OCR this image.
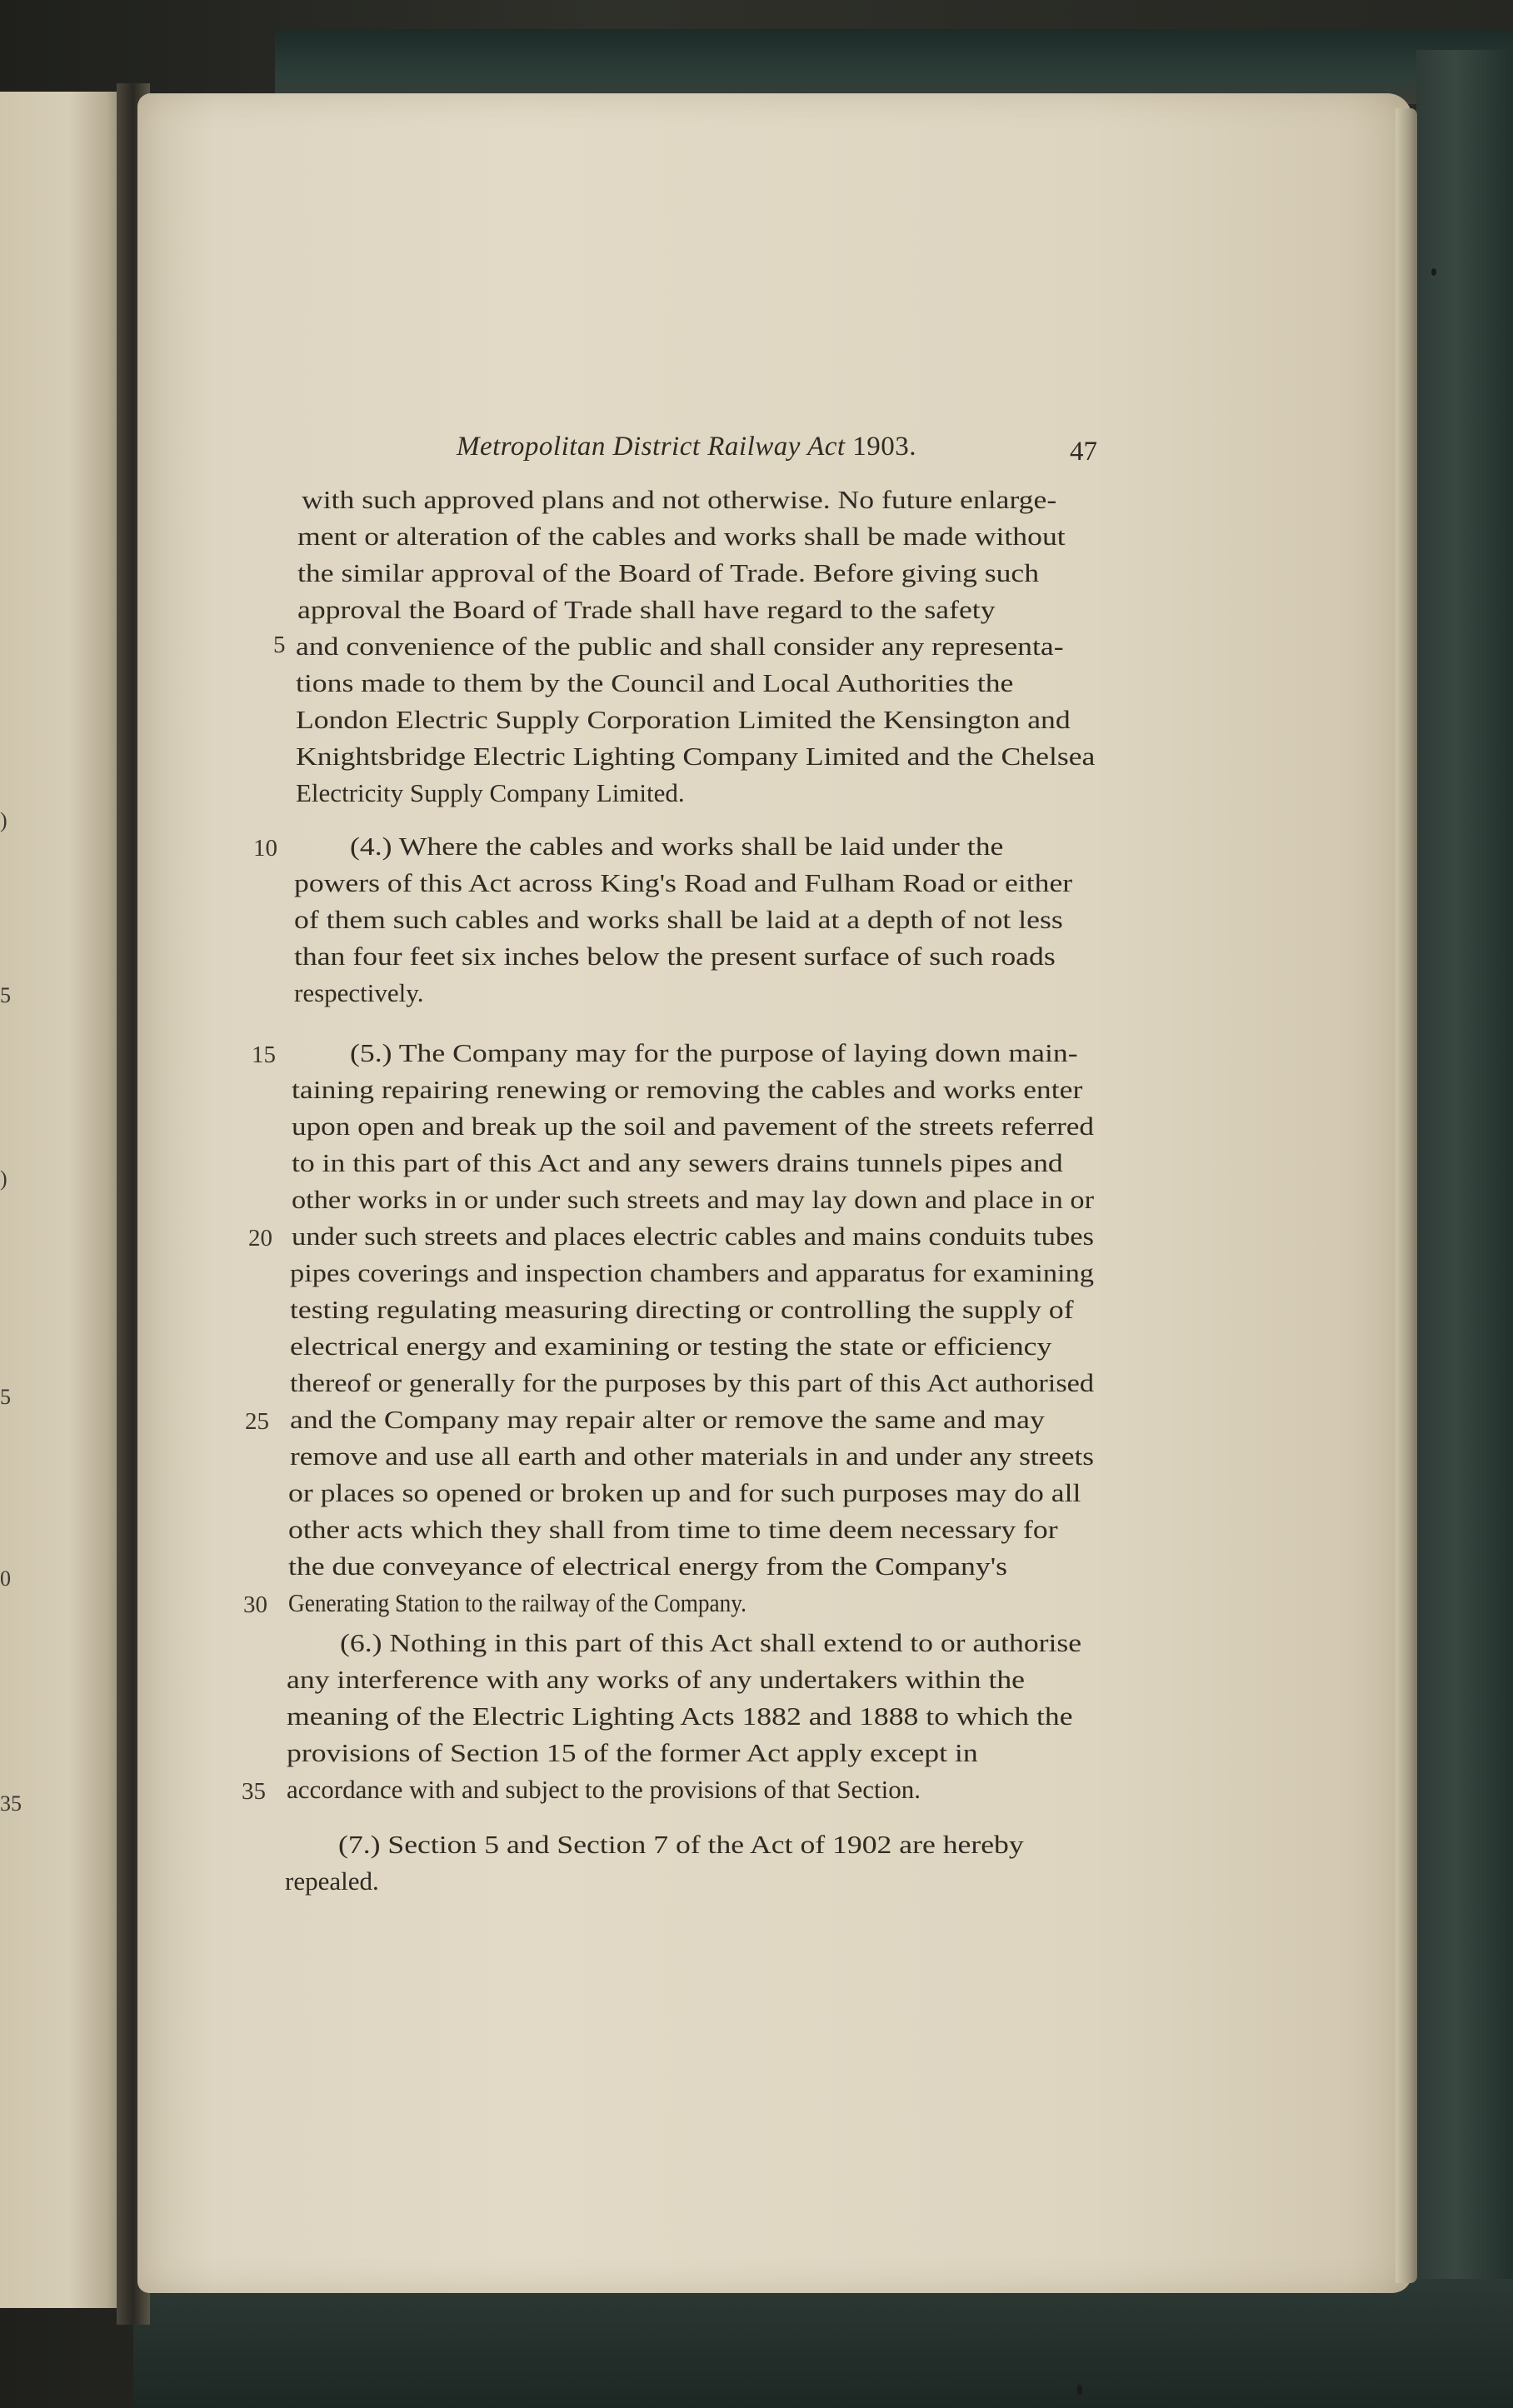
)
5
)
5
0
35
Metropolitan District Railway Act 1903.	47
with such approved plans and not otherwise. No future enlarge-
ment or alteration of the cables and works shall be made without
the similar approval of the Board of Trade. Before giving such
approval the Board of Trade shall have regard to the safety
and convenience of the public and shall consider any representa-
tions made to them by the Council and Local Authorities the
London Electric Supply Corporation Limited the Kensington and
Knightsbridge Electric Lighting Company Limited and the Chelsea
Electricity Supply Company Limited.
(4.) Where the cables and works shall be laid under the
powers of this Act across King's Road and Fulham Road or either
of them such cables and works shall be laid at a depth of not less
than four feet six inches below the present surface of such roads
respectively.
(5.) The Company may for the purpose of laying down main-
taining repairing renewing or removing the cables and works enter
upon open and break up the soil and pavement of the streets referred
to in this part of this Act and any sewers drains tunnels pipes and
other works in or under such streets and may lay down and place in or
under such streets and places electric cables and mains conduits tubes
pipes coverings and inspection chambers and apparatus for examining
testing regulating measuring directing or controlling the supply of
electrical energy and examining or testing the state or efficiency
thereof or generally for the purposes by this part of this Act authorised
and the Company may repair alter or remove the same and may
remove and use all earth and other materials in and under any streets
or places so opened or broken up and for such purposes may do all
other acts which they shall from time to time deem necessary for
the due conveyance of electrical energy from the Company's
Generating Station to the railway of the Company.
(6.) Nothing in this part of this Act shall extend to or authorise
any interference with any works of any undertakers within the
meaning of the Electric Lighting Acts 1882 and 1888 to which the
provisions of Section 15 of the former Act apply except in
accordance with and subject to the provisions of that Section.
(7.) Section 5 and Section 7 of the Act of 1902 are hereby
repealed.
5
10
15
20
25
30
35
